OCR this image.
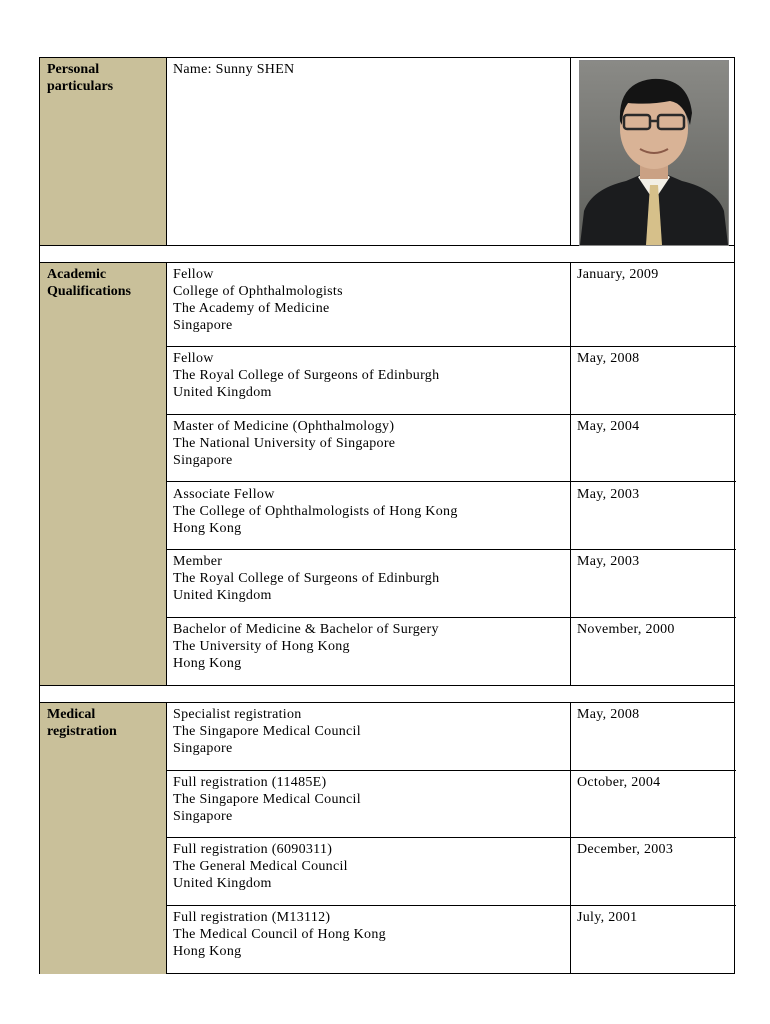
Personal
particulars
Name: Sunny SHEN
Academic
Qualifications
Fellow
College of Ophthalmologists
The Academy of Medicine
Singapore
January, 2009
Fellow
The Royal College of Surgeons of Edinburgh
United Kingdom
May, 2008
Master of Medicine (Ophthalmology)
The National University of Singapore
Singapore
May, 2004
Associate Fellow
The College of Ophthalmologists of Hong Kong
Hong Kong
May, 2003
Member
The Royal College of Surgeons of Edinburgh
United Kingdom
May, 2003
Bachelor of Medicine & Bachelor of Surgery
The University of Hong Kong
Hong Kong
November, 2000
Medical
registration
Specialist registration
The Singapore Medical Council
Singapore
May, 2008
Full registration (11485E)
The Singapore Medical Council
Singapore
October, 2004
Full registration (6090311)
The General Medical Council
United Kingdom
December, 2003
Full registration (M13112)
The Medical Council of Hong Kong
Hong Kong
July, 2001
